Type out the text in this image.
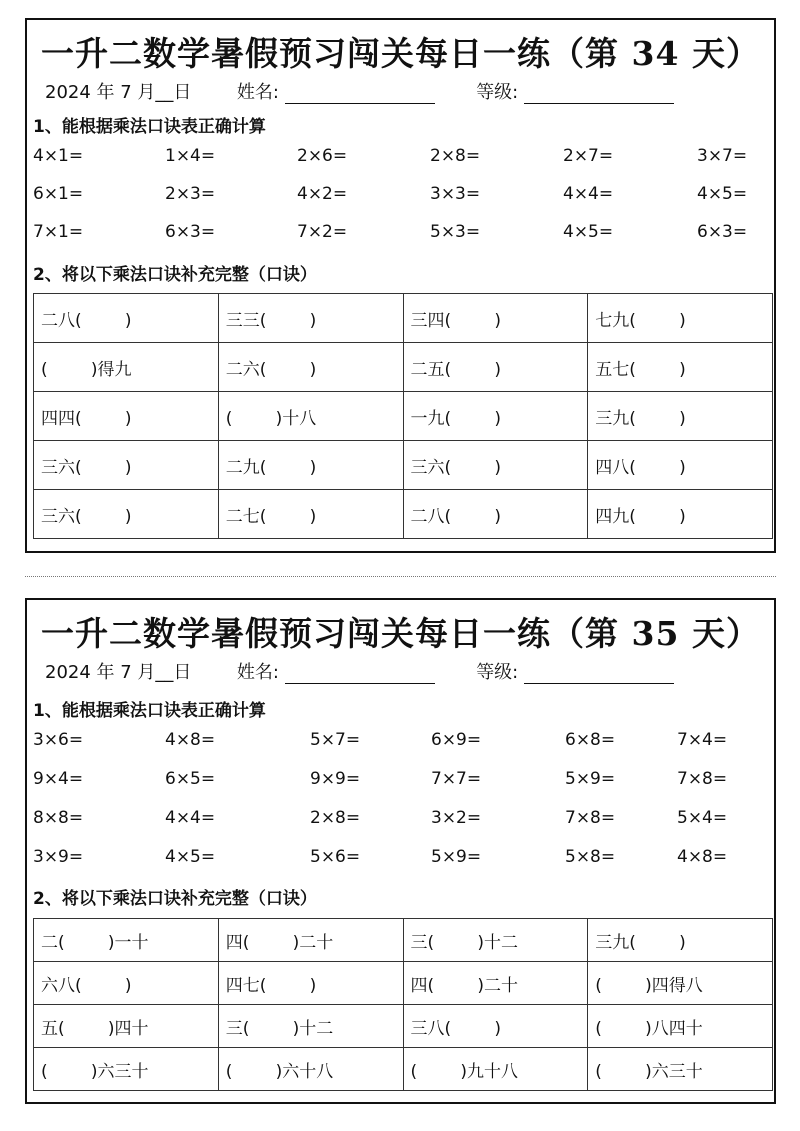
一升二数学暑假预习闯关每日一练（第 34 天）
2024 年 7 月__日	姓名:	等级:
1、能根据乘法口诀表正确计算
4×1=	1×4=	2×6=	2×8=	2×7=	3×7=
6×1=	2×3=	4×2=	3×3=	4×4=	4×5=
7×1=	6×3=	7×2=	5×3=	4×5=	6×3=
2、将以下乘法口诀补充完整（口诀）
二八(        )	三三(        )	三四(        )	七九(        )
(        )得九	二六(        )	二五(        )	五七(        )
四四(        )	(        )十八	一九(        )	三九(        )
三六(        )	二九(        )	三六(        )	四八(        )
三六(        )	二七(        )	二八(        )	四九(        )
一升二数学暑假预习闯关每日一练（第 35 天）
2024 年 7 月__日	姓名:	等级:
1、能根据乘法口诀表正确计算
3×6=	4×8=	5×7=	6×9=	6×8=	7×4=
9×4=	6×5=	9×9=	7×7=	5×9=	7×8=
8×8=	4×4=	2×8=	3×2=	7×8=	5×4=
3×9=	4×5=	5×6=	5×9=	5×8=	4×8=
2、将以下乘法口诀补充完整（口诀）
二(        )一十	四(        )二十	三(        )十二	三九(        )
六八(        )	四七(        )	四(        )二十	(        )四得八
五(        )四十	三(        )十二	三八(        )	(        )八四十
(        )六三十	(        )六十八	(        )九十八	(        )六三十
